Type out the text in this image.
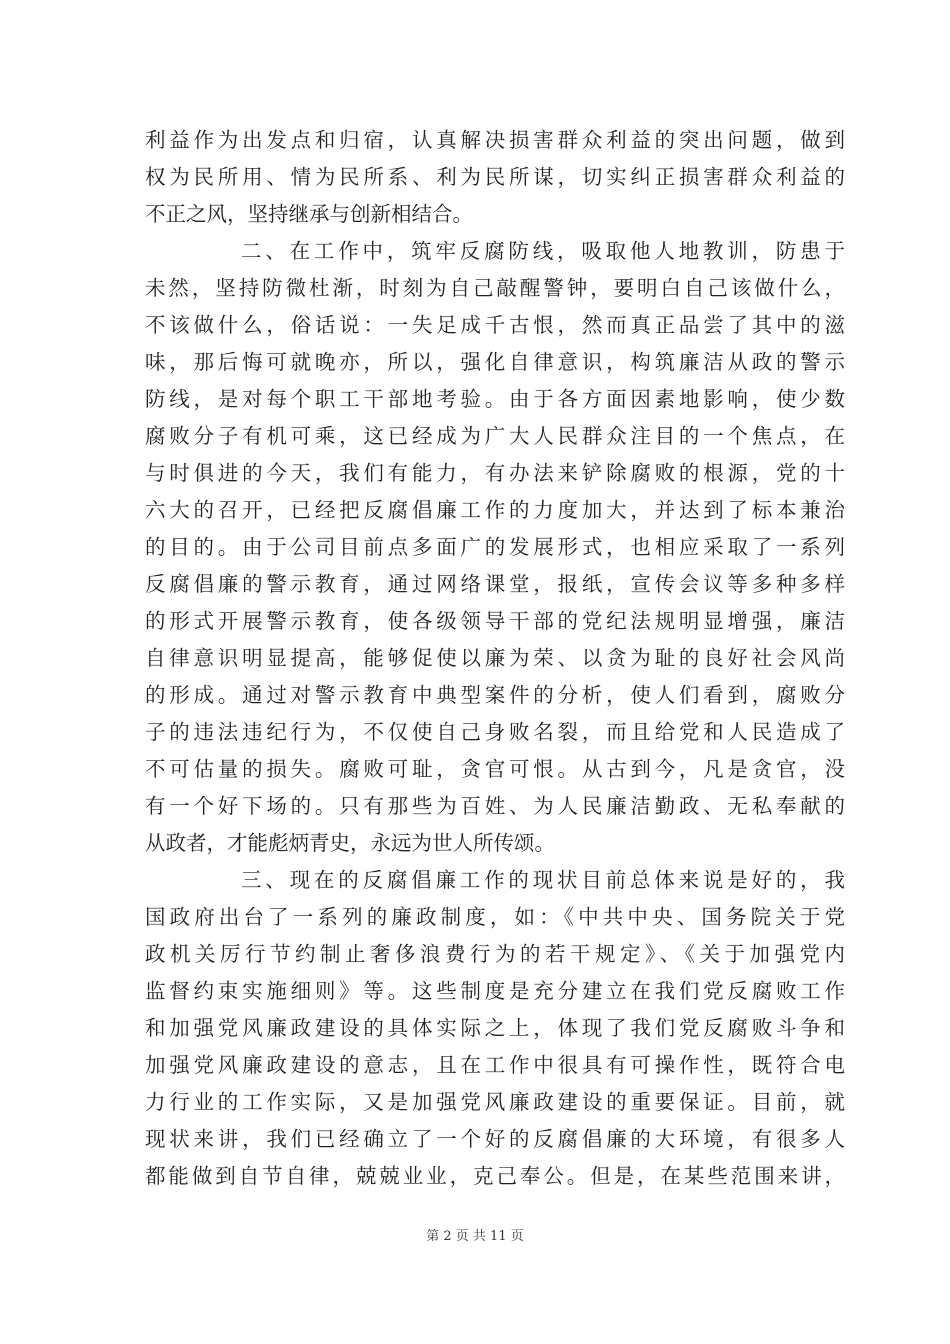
利益作为出发点和归宿，认真解决损害群众利益的突出问题，做到
权为民所用、情为民所系、利为民所谋，切实纠正损害群众利益的
不正之风，坚持继承与创新相结合。
二、在工作中，筑牢反腐防线，吸取他人地教训，防患于
未然，坚持防微杜渐，时刻为自己敲醒警钟，要明白自己该做什么，
不该做什么，俗话说：一失足成千古恨，然而真正品尝了其中的滋
味，那后悔可就晚亦，所以，强化自律意识，构筑廉洁从政的警示
防线，是对每个职工干部地考验。由于各方面因素地影响，使少数
腐败分子有机可乘，这已经成为广大人民群众注目的一个焦点，在
与时俱进的今天，我们有能力，有办法来铲除腐败的根源，党的十
六大的召开，已经把反腐倡廉工作的力度加大，并达到了标本兼治
的目的。由于公司目前点多面广的发展形式，也相应采取了一系列
反腐倡廉的警示教育，通过网络课堂，报纸，宣传会议等多种多样
的形式开展警示教育，使各级领导干部的党纪法规明显增强，廉洁
自律意识明显提高，能够促使以廉为荣、以贪为耻的良好社会风尚
的形成。通过对警示教育中典型案件的分析，使人们看到，腐败分
子的违法违纪行为，不仅使自己身败名裂，而且给党和人民造成了
不可估量的损失。腐败可耻，贪官可恨。从古到今，凡是贪官，没
有一个好下场的。只有那些为百姓、为人民廉洁勤政、无私奉献的
从政者，才能彪炳青史，永远为世人所传颂。
三、现在的反腐倡廉工作的现状目前总体来说是好的，我
国政府出台了一系列的廉政制度，如：《中共中央、国务院关于党
政机关厉行节约制止奢侈浪费行为的若干规定》、《关于加强党内
监督约束实施细则》等。这些制度是充分建立在我们党反腐败工作
和加强党风廉政建设的具体实际之上，体现了我们党反腐败斗争和
加强党风廉政建设的意志，且在工作中很具有可操作性，既符合电
力行业的工作实际，又是加强党风廉政建设的重要保证。目前，就
现状来讲，我们已经确立了一个好的反腐倡廉的大环境，有很多人
都能做到自节自律，兢兢业业，克己奉公。但是，在某些范围来讲，
第 2 页 共 11 页
